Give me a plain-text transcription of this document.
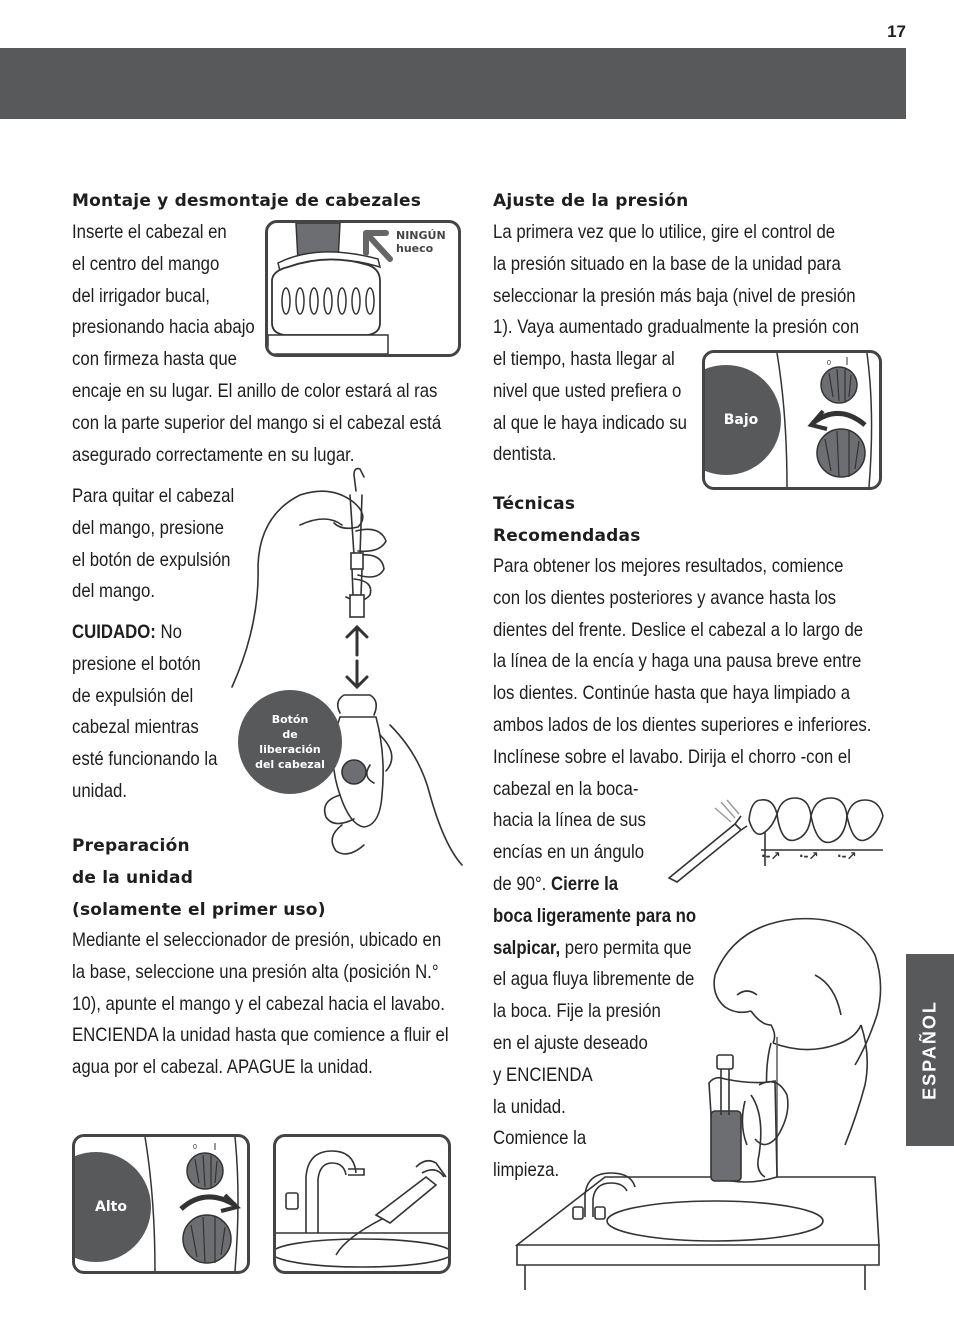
17
ESPAÑOL
Montaje y desmontaje de cabezales
Inserte el cabezal en
el centro del mango
del irrigador bucal,
presionando hacia abajo
con firmeza hasta que
NINGÚN
hueco
encaje en su lugar. El anillo de color estará al ras
con la parte superior del mango si el cabezal está
asegurado correctamente en su lugar.
Para quitar el cabezal
del mango, presione
el botón de expulsión
del mango.
CUIDADO: No
presione el botón
de expulsión del
cabezal mientras
esté funcionando la
unidad.
Botón
de
liberación
del cabezal
Preparación
de la unidad
(solamente el primer uso)
Mediante el seleccionador de presión, ubicado en
la base, seleccione una presión alta (posición N.°
10), apunte el mango y el cabezal hacia el lavabo.
ENCIENDA la unidad hasta que comience a fluir el
agua por el cabezal. APAGUE la unidad.
0
Alto
Ajuste de la presión
La primera vez que lo utilice, gire el control de
la presión situado en la base de la unidad para
seleccionar la presión más baja (nivel de presión
1). Vaya aumentado gradualmente la presión con
el tiempo, hasta llegar al
nivel que usted prefiera o
al que le haya indicado su
dentista.
0
Bajo
Técnicas
Recomendadas
Para obtener los mejores resultados, comience
con los dientes posteriores y avance hasta los
dientes del frente. Deslice el cabezal a lo largo de
la línea de la encía y haga una pausa breve entre
los dientes. Continúe hasta que haya limpiado a
ambos lados de los dientes superiores e inferiores.
Inclínese sobre el lavabo. Dirija el chorro -con el
cabezal en la boca-
hacia la línea de sus
encías en un ángulo
de 90°. Cierre la
boca ligeramente para no
salpicar, pero permita que
el agua fluya libremente de
la boca. Fije la presión
en el ajuste deseado
y ENCIENDA
la unidad.
Comience la
limpieza.
·-↗ ·-↗ ·-↗
